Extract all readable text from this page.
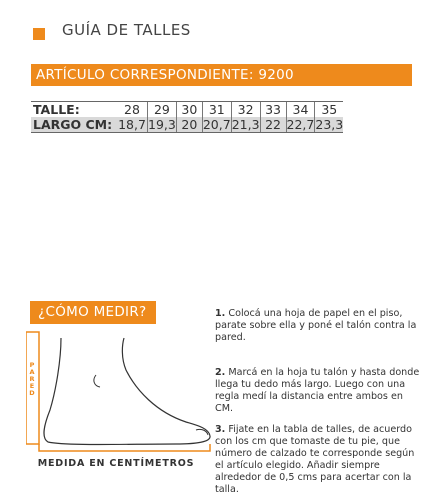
GUÍA DE TALLES
ARTÍCULO CORRESPONDIENTE: 9200
TALLE:	28	29	30	31	32	33	34	35
LARGO CM:	18,7	19,3	20	20,7	21,3	22	22,7	23,3
¿CÓMO MEDIR?
P
A
R
E
D
MEDIDA EN CENTÍMETROS
1. Colocá una hoja de papel en el piso, parate sobre ella y poné el talón contra la pared.
2. Marcá en la hoja tu talón y hasta donde llega tu dedo más largo. Luego con una regla medí la distancia entre ambos en CM.
3. Fijate en la tabla de talles, de acuerdo con los cm que tomaste de tu pie, que número de calzado te corresponde según el artículo elegido. Añadir siempre alrededor de 0,5 cms para acertar con la talla.
